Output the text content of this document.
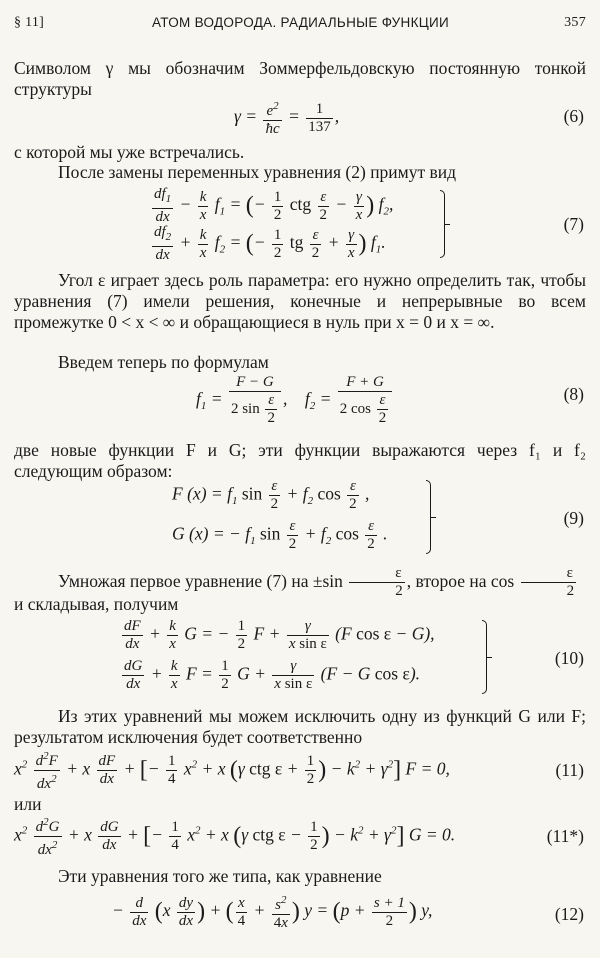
§ 11]	АТОМ ВОДОРОДА. РАДИАЛЬНЫЕ ФУНКЦИИ	357
Символом γ мы обозначим Зоммерфельдовскую постоянную тонкой структуры
$\gamma = \frac{e^2}{ħc} = \frac{1}{137}$ ,	(6)
с которой мы уже встречались.
После замены переменных уравнения (2) примут вид
$\frac{df_1}{dx} - \frac{k}{x} f_1$ = (− $\frac{1}{2}$ ctg $\frac{\varepsilon}{2} - \frac{\gamma}{x}$ ) $f_2$,
$\frac{df_2}{dx} + \frac{k}{x} f_2$ = (− $\frac{1}{2}$ tg $\frac{\varepsilon}{2} + \frac{\gamma}{x}$ ) $f_1$.
(7)
Угол ε играет здесь роль параметра: его нужно определить так, чтобы уравнения (7) имели решения, конечные и непрерывные во всем промежутке 0 < x < ∞ и обращающиеся в нуль при x = 0 и x = ∞.
Введем теперь по формулам
$f_1 = \frac{F - G}{2 \sin \frac{\varepsilon}{2}}$ ,    $f_2 = \frac{F + G}{2 \cos \frac{\varepsilon}{2}}$	(8)
две новые функции F и G; эти функции выражаются через f₁ и f₂ следующим образом:
F $(x) = f_1$ $\sin \frac{\varepsilon}{2} + f_2$ $\cos \frac{\varepsilon}{2}$ ,
G (x) = − $f_1$ $\sin \frac{\varepsilon}{2} + f_2$ $\cos \frac{\varepsilon}{2}$ .
(9)
Умножая первое уравнение (7) на $\pm\sin \frac{\varepsilon}{2}$ , второе на $\cos \frac{\varepsilon}{2}$
и складывая, получим
$\frac{dF}{dx} + \frac{k}{x}$ G = − $\frac{1}{2}$ $F + \frac{\gamma}{\text{x sin ε}} (F$ cos ε − G),
$\frac{dG}{dx} + \frac{k}{x}$ $F = \frac{1}{2}$ $G + \frac{\gamma}{\text{x sin ε}} (F - G$ cos ε).
(10)
Из этих уравнений мы можем исключить одну из функций G или F; результатом исключения будет соответственно
$x^2 \frac{d^2F}{dx^2} + x \frac{dF}{dx}$ + [− $\frac{1}{4} x^2 + x$ (γ ctg $\varepsilon + \frac{1}{2}$ ) − $k^2 + \gamma^2$] F = 0,	(11)
или
$x^2 \frac{d^2G}{dx^2} + x \frac{dG}{dx}$ + [− $\frac{1}{4} x^2 + x$ (γ ctg $\varepsilon - \frac{1}{2}$ ) − $k^2 + \gamma^2$] G = 0.	(11*)
Эти уравнения того же типа, как уравнение
− $\frac{d}{dx} (x \frac{dy}{dx}$ ) + ( $\frac{x}{4} + \frac{s^2}{4x}$ ) $y = (p + \frac{s + 1}{2}$ ) y,	(12)
